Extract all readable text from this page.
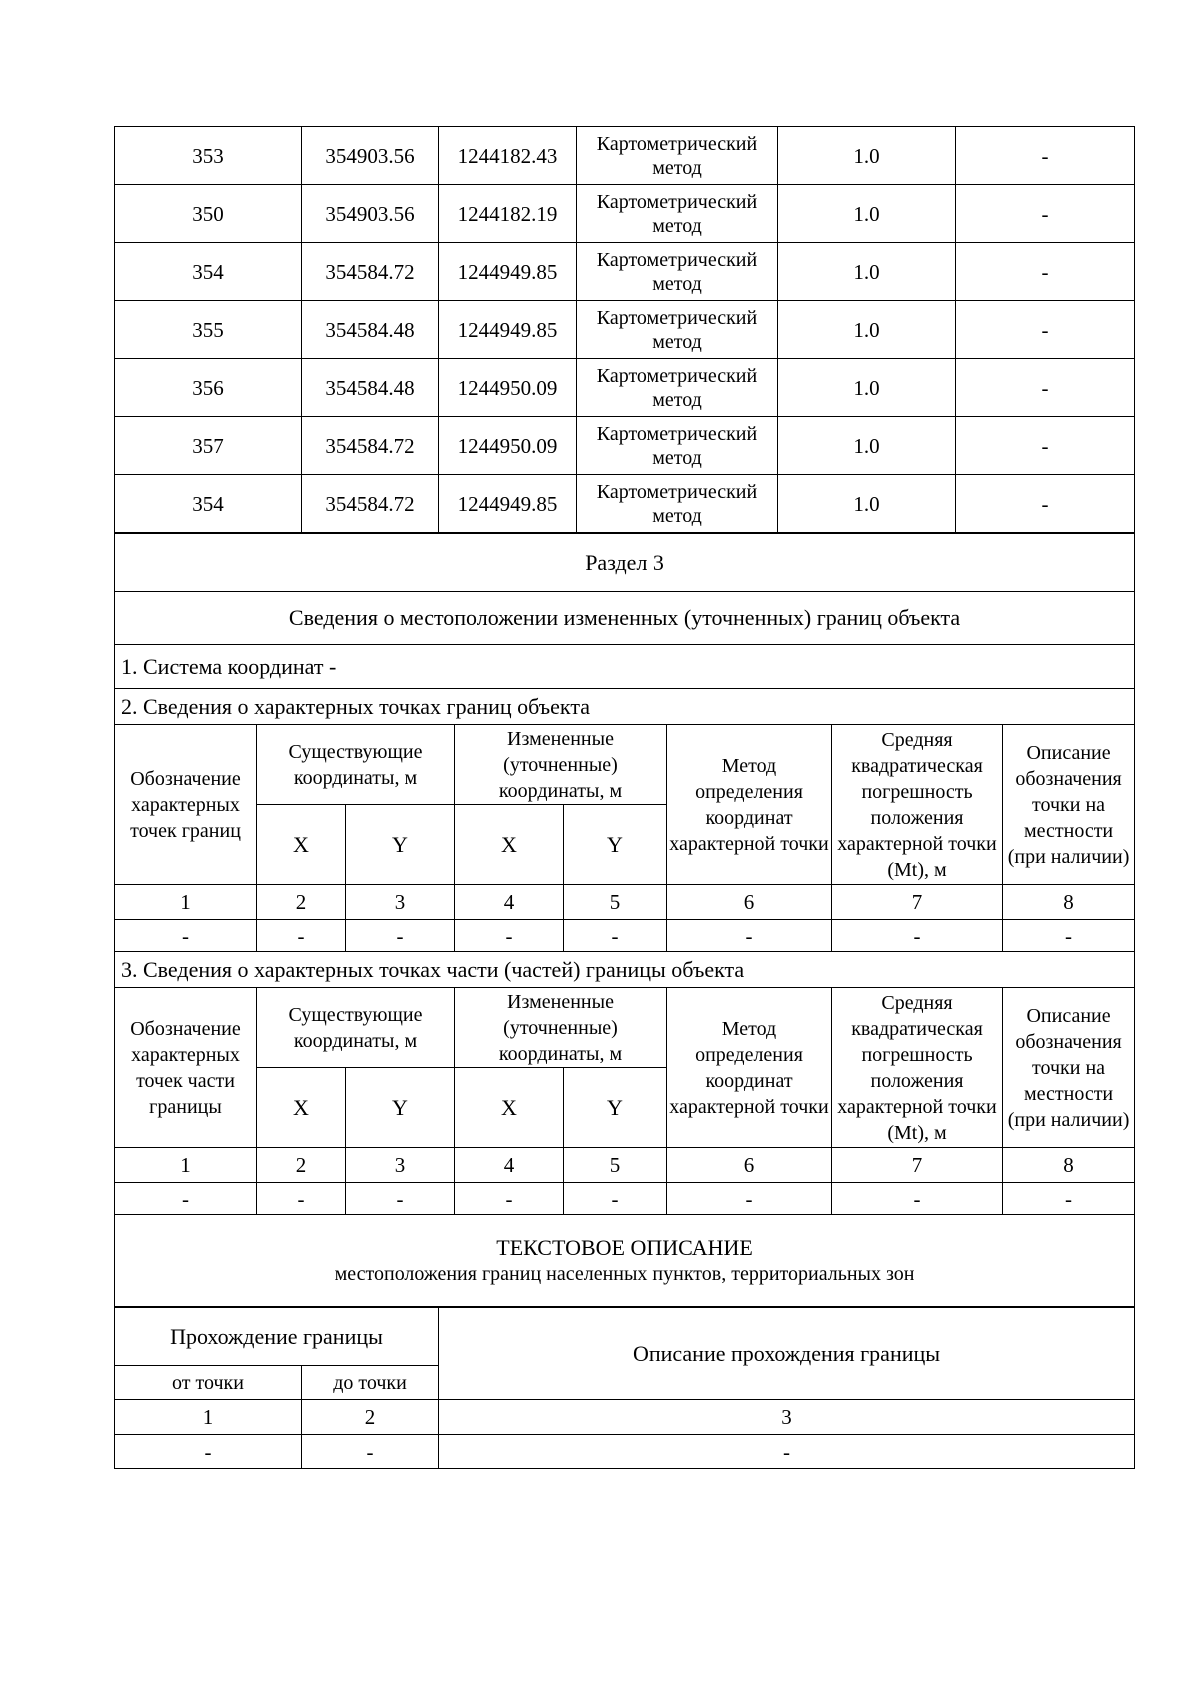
353	354903.56	1244182.43	Картометрический метод	1.0	-
350	354903.56	1244182.19	Картометрический метод	1.0	-
354	354584.72	1244949.85	Картометрический метод	1.0	-
355	354584.48	1244949.85	Картометрический метод	1.0	-
356	354584.48	1244950.09	Картометрический метод	1.0	-
357	354584.72	1244950.09	Картометрический метод	1.0	-
354	354584.72	1244949.85	Картометрический метод	1.0	-
Раздел 3							
Сведения о местоположении измененных (уточненных) границ объекта							
1. Система координат -							
2. Сведения о характерных точках границ объекта							
Обозначение характерных точек границ	Существующие координаты, м		Измененные (уточненные) координаты, м		Метод определения координат характерной точки	Средняя квадратическая погрешность положения характерной точки (Mt), м	Описание обозначения точки на местности (при наличии)
	X	Y	X	Y			
1	2	3	4	5	6	7	8
-	-	-	-	-	-	-	-
3. Сведения о характерных точках части (частей) границы объекта							
Обозначение характерных точек части границы	Существующие координаты, м		Измененные (уточненные) координаты, м		Метод определения координат характерной точки	Средняя квадратическая погрешность положения характерной точки (Mt), м	Описание обозначения точки на местности (при наличии)
	X	Y	X	Y			
1	2	3	4	5	6	7	8
-	-	-	-	-	-	-	-

ТЕКСТОВОЕ ОПИСАНИЕ
местоположения границ населенных пунктов, территориальных зон							
Прохождение границы		Описание прохождения границы
от точки	до точки	
1	2	3
-	-	-
